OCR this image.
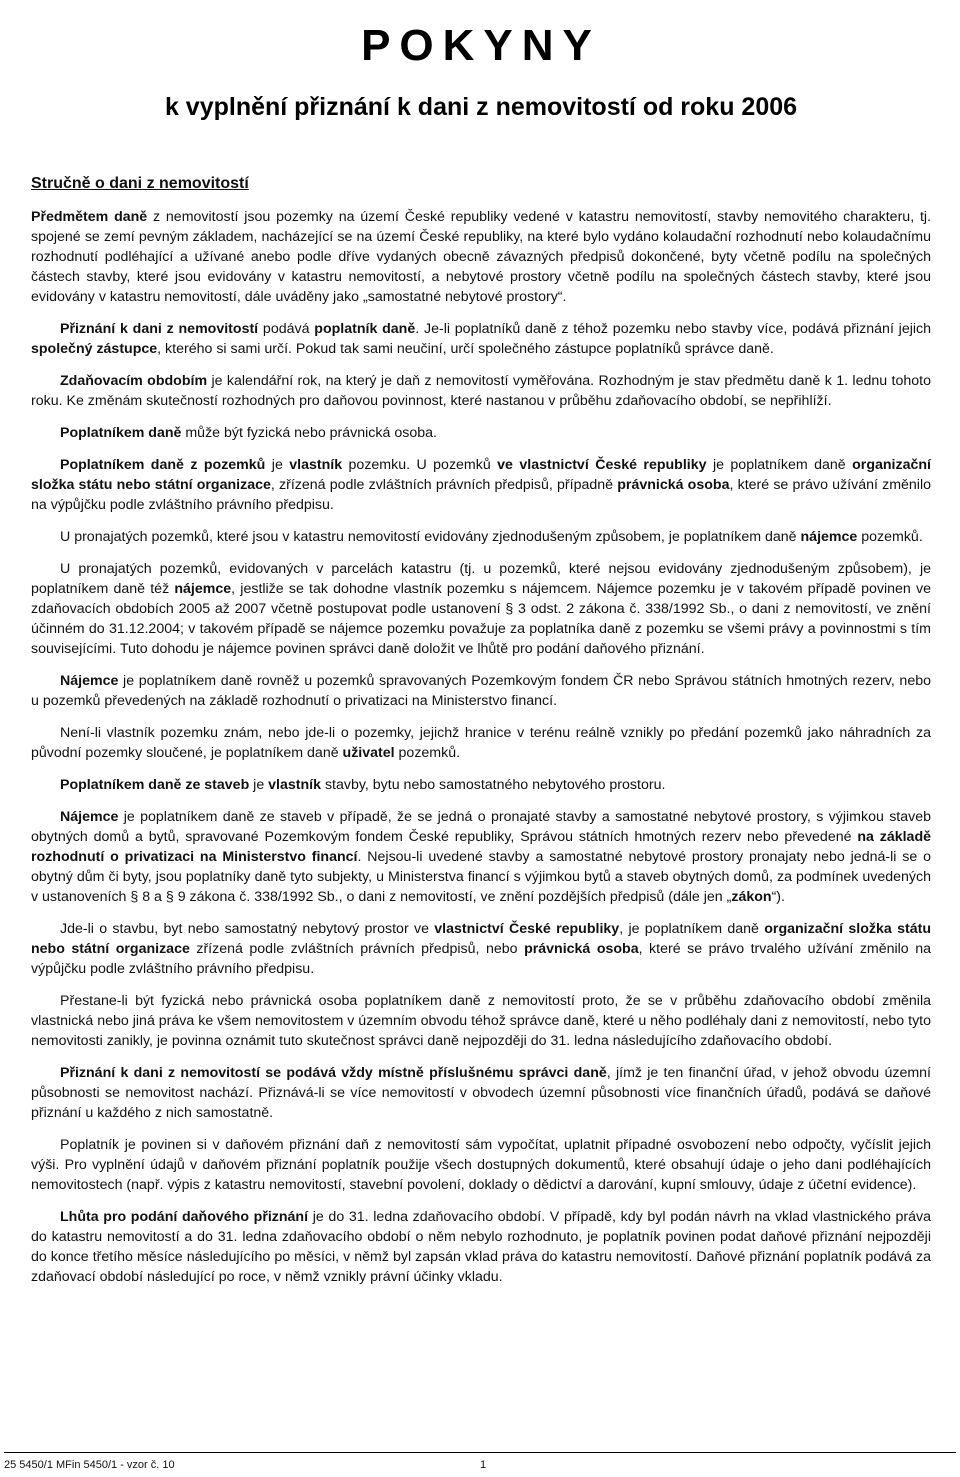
POKYNY
k vyplnění přiznání k dani z nemovitostí od roku 2006
Stručně o dani z nemovitostí

Předmětem daně z nemovitostí jsou pozemky na území České republiky vedené v katastru nemovitostí, stavby nemovitého charakteru, tj. spojené se zemí pevným základem, nacházející se na území České republiky, na které bylo vydáno kolaudační rozhodnutí nebo kolaudačnímu rozhodnutí podléhající a užívané anebo podle dříve vydaných obecně závazných předpisů dokončené, byty včetně podílu na společných částech stavby, které jsou evidovány v katastru nemovitostí, a nebytové prostory včetně podílu na společných částech stavby, které jsou evidovány v katastru nemovitostí, dále uváděny jako „samostatné nebytové prostory“.

Přiznání k dani z nemovitostí podává poplatník daně. Je-li poplatníků daně z téhož pozemku nebo stavby více, podává přiznání jejich společný zástupce, kterého si sami určí. Pokud tak sami neučiní, určí společného zástupce poplatníků správce daně.

Zdaňovacím obdobím je kalendářní rok, na který je daň z nemovitostí vyměřována. Rozhodným je stav předmětu daně k 1. lednu tohoto roku. Ke změnám skutečností rozhodných pro daňovou povinnost, které nastanou v průběhu zdaňovacího období, se nepřihlíží.

Poplatníkem daně může být fyzická nebo právnická osoba.

Poplatníkem daně z pozemků je vlastník pozemku. U pozemků ve vlastnictví České republiky je poplatníkem daně organizační složka státu nebo státní organizace, zřízená podle zvláštních právních předpisů, případně právnická osoba, které se právo užívání změnilo na výpůjčku podle zvláštního právního předpisu.

U pronajatých pozemků, které jsou v katastru nemovitostí evidovány zjednodušeným způsobem, je poplatníkem daně nájemce pozemků.

U pronajatých pozemků, evidovaných v parcelách katastru (tj. u pozemků, které nejsou evidovány zjednodušeným způsobem), je poplatníkem daně též nájemce, jestliže se tak dohodne vlastník pozemku s nájemcem. Nájemce pozemku je v takovém případě povinen ve zdaňovacích obdobích 2005 až 2007 včetně postupovat podle ustanovení § 3 odst. 2 zákona č. 338/1992 Sb., o dani z nemovitostí, ve znění účinném do 31.12.2004; v takovém případě se nájemce pozemku považuje za poplatníka daně z pozemku se všemi právy a povinnostmi s tím souvisejícími. Tuto dohodu je nájemce povinen správci daně doložit ve lhůtě pro podání daňového přiznání.

Nájemce je poplatníkem daně rovněž u pozemků spravovaných Pozemkovým fondem ČR nebo Správou státních hmotných rezerv, nebo u pozemků převedených na základě rozhodnutí o privatizaci na Ministerstvo financí.

Není-li vlastník pozemku znám, nebo jde-li o pozemky, jejichž hranice v terénu reálně vznikly po předání pozemků jako náhradních za původní pozemky sloučené, je poplatníkem daně uživatel pozemků.

Poplatníkem daně ze staveb je vlastník stavby, bytu nebo samostatného nebytového prostoru.

Nájemce je poplatníkem daně ze staveb v případě, že se jedná o pronajaté stavby a samostatné nebytové prostory, s výjimkou staveb obytných domů a bytů, spravované Pozemkovým fondem České republiky, Správou státních hmotných rezerv nebo převedené na základě rozhodnutí o privatizaci na Ministerstvo financí. Nejsou-li uvedené stavby a samostatné nebytové prostory pronajaty nebo jedná-li se o obytný dům či byty, jsou poplatníky daně tyto subjekty, u Ministerstva financí s výjimkou bytů a staveb obytných domů, za podmínek uvedených v ustanoveních § 8 a § 9 zákona č. 338/1992 Sb., o dani z nemovitostí, ve znění pozdějších předpisů (dále jen „zákon“).

Jde-li o stavbu, byt nebo samostatný nebytový prostor ve vlastnictví České republiky, je poplatníkem daně organizační složka státu nebo státní organizace zřízená podle zvláštních právních předpisů, nebo právnická osoba, které se právo trvalého užívání změnilo na výpůjčku podle zvláštního právního předpisu.

Přestane-li být fyzická nebo právnická osoba poplatníkem daně z nemovitostí proto, že se v průběhu zdaňovacího období změnila vlastnická nebo jiná práva ke všem nemovitostem v územním obvodu téhož správce daně, které u něho podléhaly dani z nemovitostí, nebo tyto nemovitosti zanikly, je povinna oznámit tuto skutečnost správci daně nejpozději do 31. ledna následujícího zdaňovacího období.

Přiznání k dani z nemovitostí se podává vždy místně příslušnému správci daně, jímž je ten finanční úřad, v jehož obvodu územní působnosti se nemovitost nachází. Přiznává-li se více nemovitostí v obvodech územní působnosti více finančních úřadů, podává se daňové přiznání u každého z nich samostatně.

Poplatník je povinen si v daňovém přiznání daň z nemovitostí sám vypočítat, uplatnit případné osvobození nebo odpočty, vyčíslit jejich výši. Pro vyplnění údajů v daňovém přiznání poplatník použije všech dostupných dokumentů, které obsahují údaje o jeho dani podléhajících nemovitostech (např. výpis z katastru nemovitostí, stavební povolení, doklady o dědictví a darování, kupní smlouvy, údaje z účetní evidence).

Lhůta pro podání daňového přiznání je do 31. ledna zdaňovacího období. V případě, kdy byl podán návrh na vklad vlastnického práva do katastru nemovitostí a do 31. ledna zdaňovacího období o něm nebylo rozhodnuto, je poplatník povinen podat daňové přiznání nejpozději do konce třetího měsíce následujícího po měsíci, v němž byl zapsán vklad práva do katastru nemovitostí. Daňové přiznání poplatník podává za zdaňovací období následující po roce, v němž vznikly právní účinky vkladu.

25 5450/1 MFin 5450/1 - vzor č. 10	1
